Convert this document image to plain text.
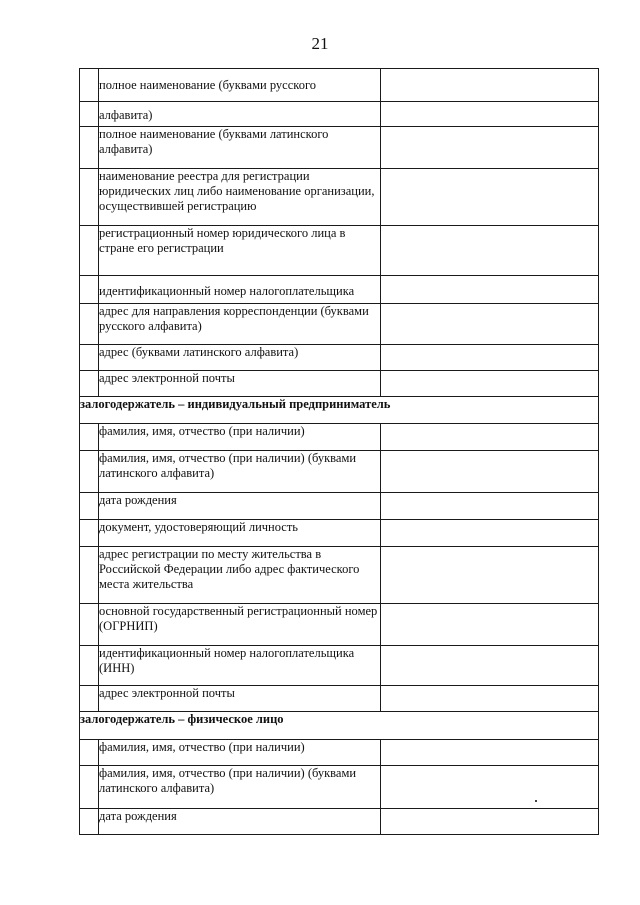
21
	полное наименование (буквами русского	
	алфавита)	
	полное наименование (буквами латинского алфавита)	
	наименование реестра для регистрации юридических лиц либо наименование организации, осуществившей регистрацию	
	регистрационный номер юридического лица в стране его регистрации	
	идентификационный номер налогоплательщика	
	адрес для направления корреспонденции (буквами русского алфавита)	
	адрес (буквами латинского алфавита)	
	адрес электронной почты	
залогодержатель – индивидуальный предприниматель		
	фамилия, имя, отчество (при наличии)	
	фамилия, имя, отчество (при наличии) (буквами латинского алфавита)	
	дата рождения	
	документ, удостоверяющий личность	
	адрес регистрации по месту жительства в Российской Федерации либо адрес фактического места жительства	
	основной государственный регистрационный номер (ОГРНИП)	
	идентификационный номер налогоплательщика (ИНН)	
	адрес электронной почты	
залогодержатель – физическое лицо		
	фамилия, имя, отчество (при наличии)	
	фамилия, имя, отчество (при наличии) (буквами латинского алфавита)	
	дата рождения	
